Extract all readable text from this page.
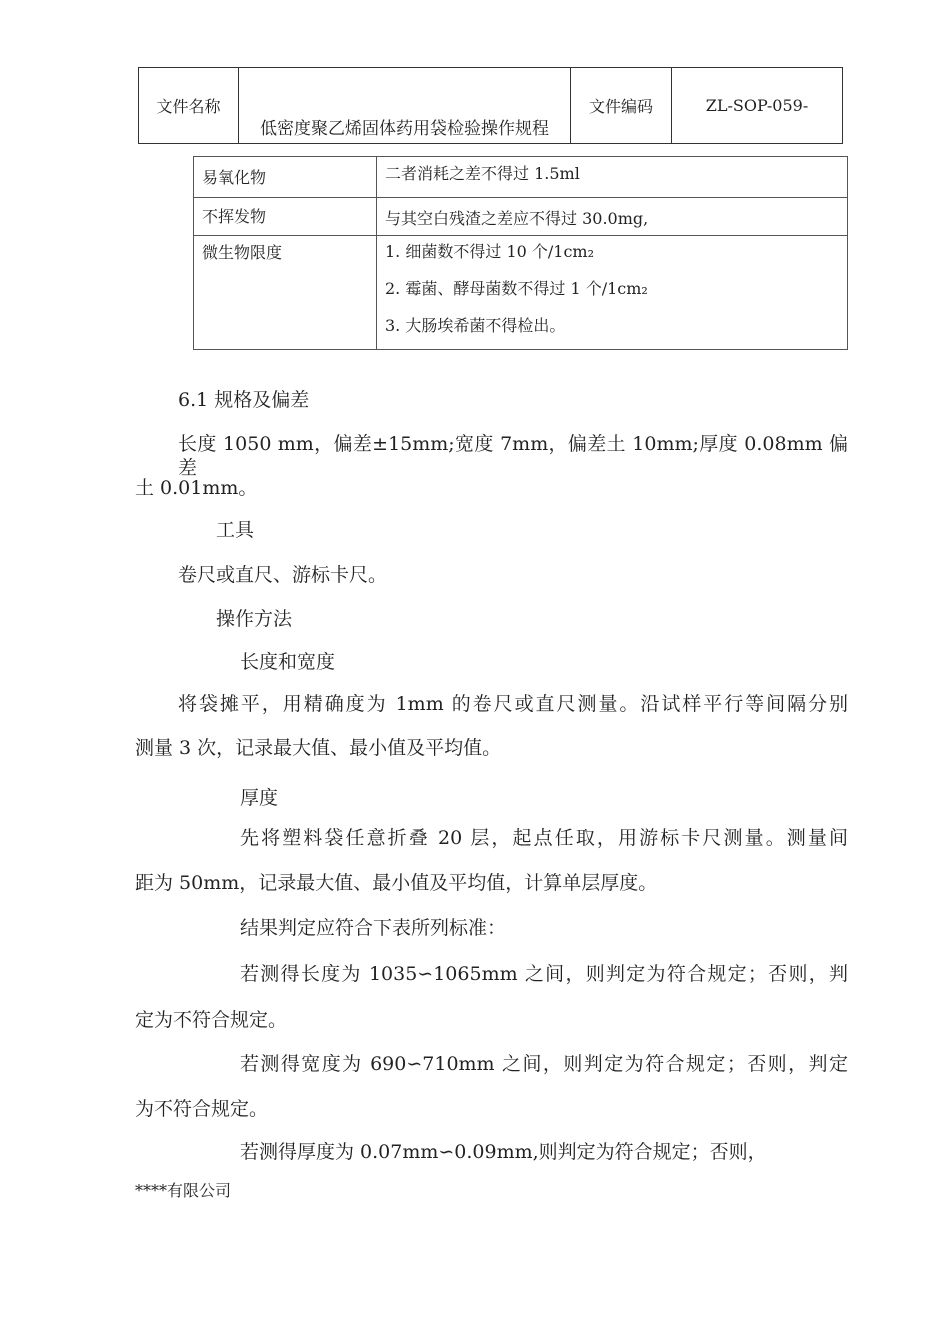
文件名称	低密度聚乙烯固体药用袋检验操作规程	文件编码	ZL-SOP-059-
易氧化物	二者消耗之差不得过 1.5ml

不挥发物	与其空白残渣之差应不得过 30.0mg,

微生物限度	1. 细菌数不得过 10 个/1cm₂
2. 霉菌、酵母菌数不得过 1 个/1cm₂
3. 大肠埃希菌不得检出。
6.1 规格及偏差
长度 1050 mm，偏差±15mm;宽度 7mm，偏差土 10mm;厚度 0.08mm 偏差
土 0.01mm。
工具
卷尺或直尺、游标卡尺。
操作方法
长度和宽度
将袋摊平，用精确度为 1mm 的卷尺或直尺测量。沿试样平行等间隔分别
测量 3 次，记录最大值、最小值及平均值。
厚度
先将塑料袋任意折叠 20 层，起点任取，用游标卡尺测量。测量间
距为 50mm，记录最大值、最小值及平均值，计算单层厚度。
结果判定应符合下表所列标准：
若测得长度为 1035∽1065mm 之间，则判定为符合规定；否则，判
定为不符合规定。
若测得宽度为 690∽710mm 之间，则判定为符合规定；否则，判定
为不符合规定。
若测得厚度为 0.07mm∽0.09mm,则判定为符合规定；否则，
****有限公司
